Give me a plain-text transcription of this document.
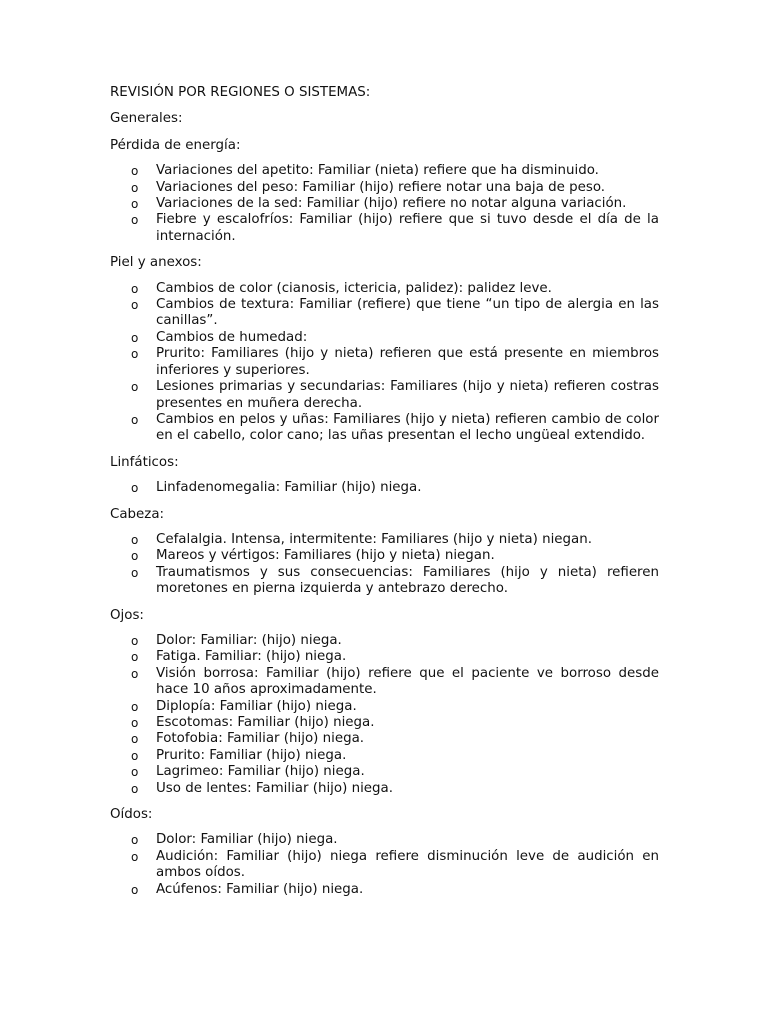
REVISIÓN POR REGIONES O SISTEMAS:
Generales:
Pérdida de energía:
o Variaciones del apetito: Familiar (nieta) refiere que ha disminuido.
o Variaciones del peso: Familiar (hijo) refiere notar una baja de peso.
o Variaciones de la sed: Familiar (hijo) refiere no notar alguna variación.
o Fiebre y escalofríos: Familiar (hijo) refiere que si tuvo desde el día de la internación.
Piel y anexos:
o Cambios de color (cianosis, ictericia, palidez): palidez leve.
o Cambios de textura: Familiar (refiere) que tiene “un tipo de alergia en las canillas”.
o Cambios de humedad:
o Prurito: Familiares (hijo y nieta) refieren que está presente en miembros inferiores y superiores.
o Lesiones primarias y secundarias: Familiares (hijo y nieta) refieren costras presentes en muñera derecha.
o Cambios en pelos y uñas: Familiares (hijo y nieta) refieren cambio de color en el cabello, color cano; las uñas presentan el lecho ungüeal extendido.
Linfáticos:
o Linfadenomegalia: Familiar (hijo) niega.
Cabeza:
o Cefalalgia. Intensa, intermitente: Familiares (hijo y nieta) niegan.
o Mareos y vértigos: Familiares (hijo y nieta) niegan.
o Traumatismos y sus consecuencias: Familiares (hijo y nieta) refieren moretones en pierna izquierda y antebrazo derecho.
Ojos:
o Dolor: Familiar: (hijo) niega.
o Fatiga. Familiar: (hijo) niega.
o Visión borrosa: Familiar (hijo) refiere que el paciente ve borroso desde hace 10 años aproximadamente.
o Diplopía: Familiar (hijo) niega.
o Escotomas: Familiar (hijo) niega.
o Fotofobia: Familiar (hijo) niega.
o Prurito: Familiar (hijo) niega.
o Lagrimeo: Familiar (hijo) niega.
o Uso de lentes: Familiar (hijo) niega.
Oídos:
o Dolor: Familiar (hijo) niega.
o Audición: Familiar (hijo) niega refiere disminución leve de audición en ambos oídos.
o Acúfenos: Familiar (hijo) niega.
